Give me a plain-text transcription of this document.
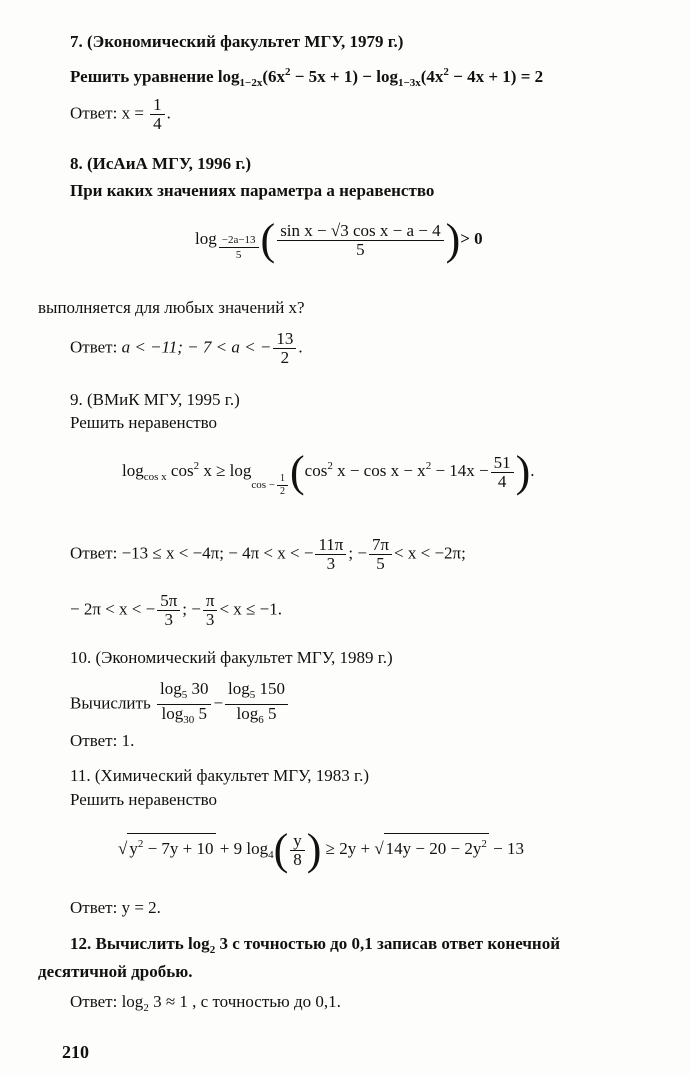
7. (Экономический факультет МГУ, 1979 г.)
Решить уравнение $\log_{1-2x}(6x^2 - 5x + 1) - \log_{1-3x}(4x^2 - 4x + 1) = 2$
Ответ: $x = \frac{1}{4}$ .
8. (ИсАиА МГУ, 1996 г.)
При каких значениях параметра a неравенство
$\log \frac{-2a-13}{5}$ ( $\frac{\text{sin x − √3 cos x − a − 4}}{5}$ )> 0
выполняется для любых значений x?
Ответ: a < −11; − 7 < a < − $\frac{13}{2}$ .
9. (ВМиК МГУ, 1995 г.)
Решить неравенство
$\log_{cos x} \cos^2 x \ge \log_{cos - \frac{1}{2}} (\cos^2$ $x - \cos x - x^2 - 14x - \frac{51}{4}$ ).
Ответ: −13 ≤ x < −4π; − 4π < x < − $\frac{11\pi}{3}$ ; − $\frac{7\pi}{5} < x < -2\pi$;
− 2π < x < − $\frac{5\pi}{3}$ ; − $\frac{\pi}{3} < x \le -1$.
10. (Экономический факультет МГУ, 1989 г.)
Вычислить $\frac{\log_5 30}{\log_{30} 5} - \frac{\log_5 150}{\log_6 5}$
Ответ: 1.
11. (Химический факультет МГУ, 1983 г.)
Решить неравенство
√ $y^2 - 7y + 10 + 9$ $\log_4( \frac{y}{8}$ ) ≥ 2y + √ $14y - 20 - 2y^2 - 13$
Ответ: y = 2.
12. Вычислить $\log_2 3$ с точностью до 0,1 записав ответ конечной
десятичной дробью.
Ответ: $\log_2 3 \approx 1$ , с точностью до 0,1.
210
